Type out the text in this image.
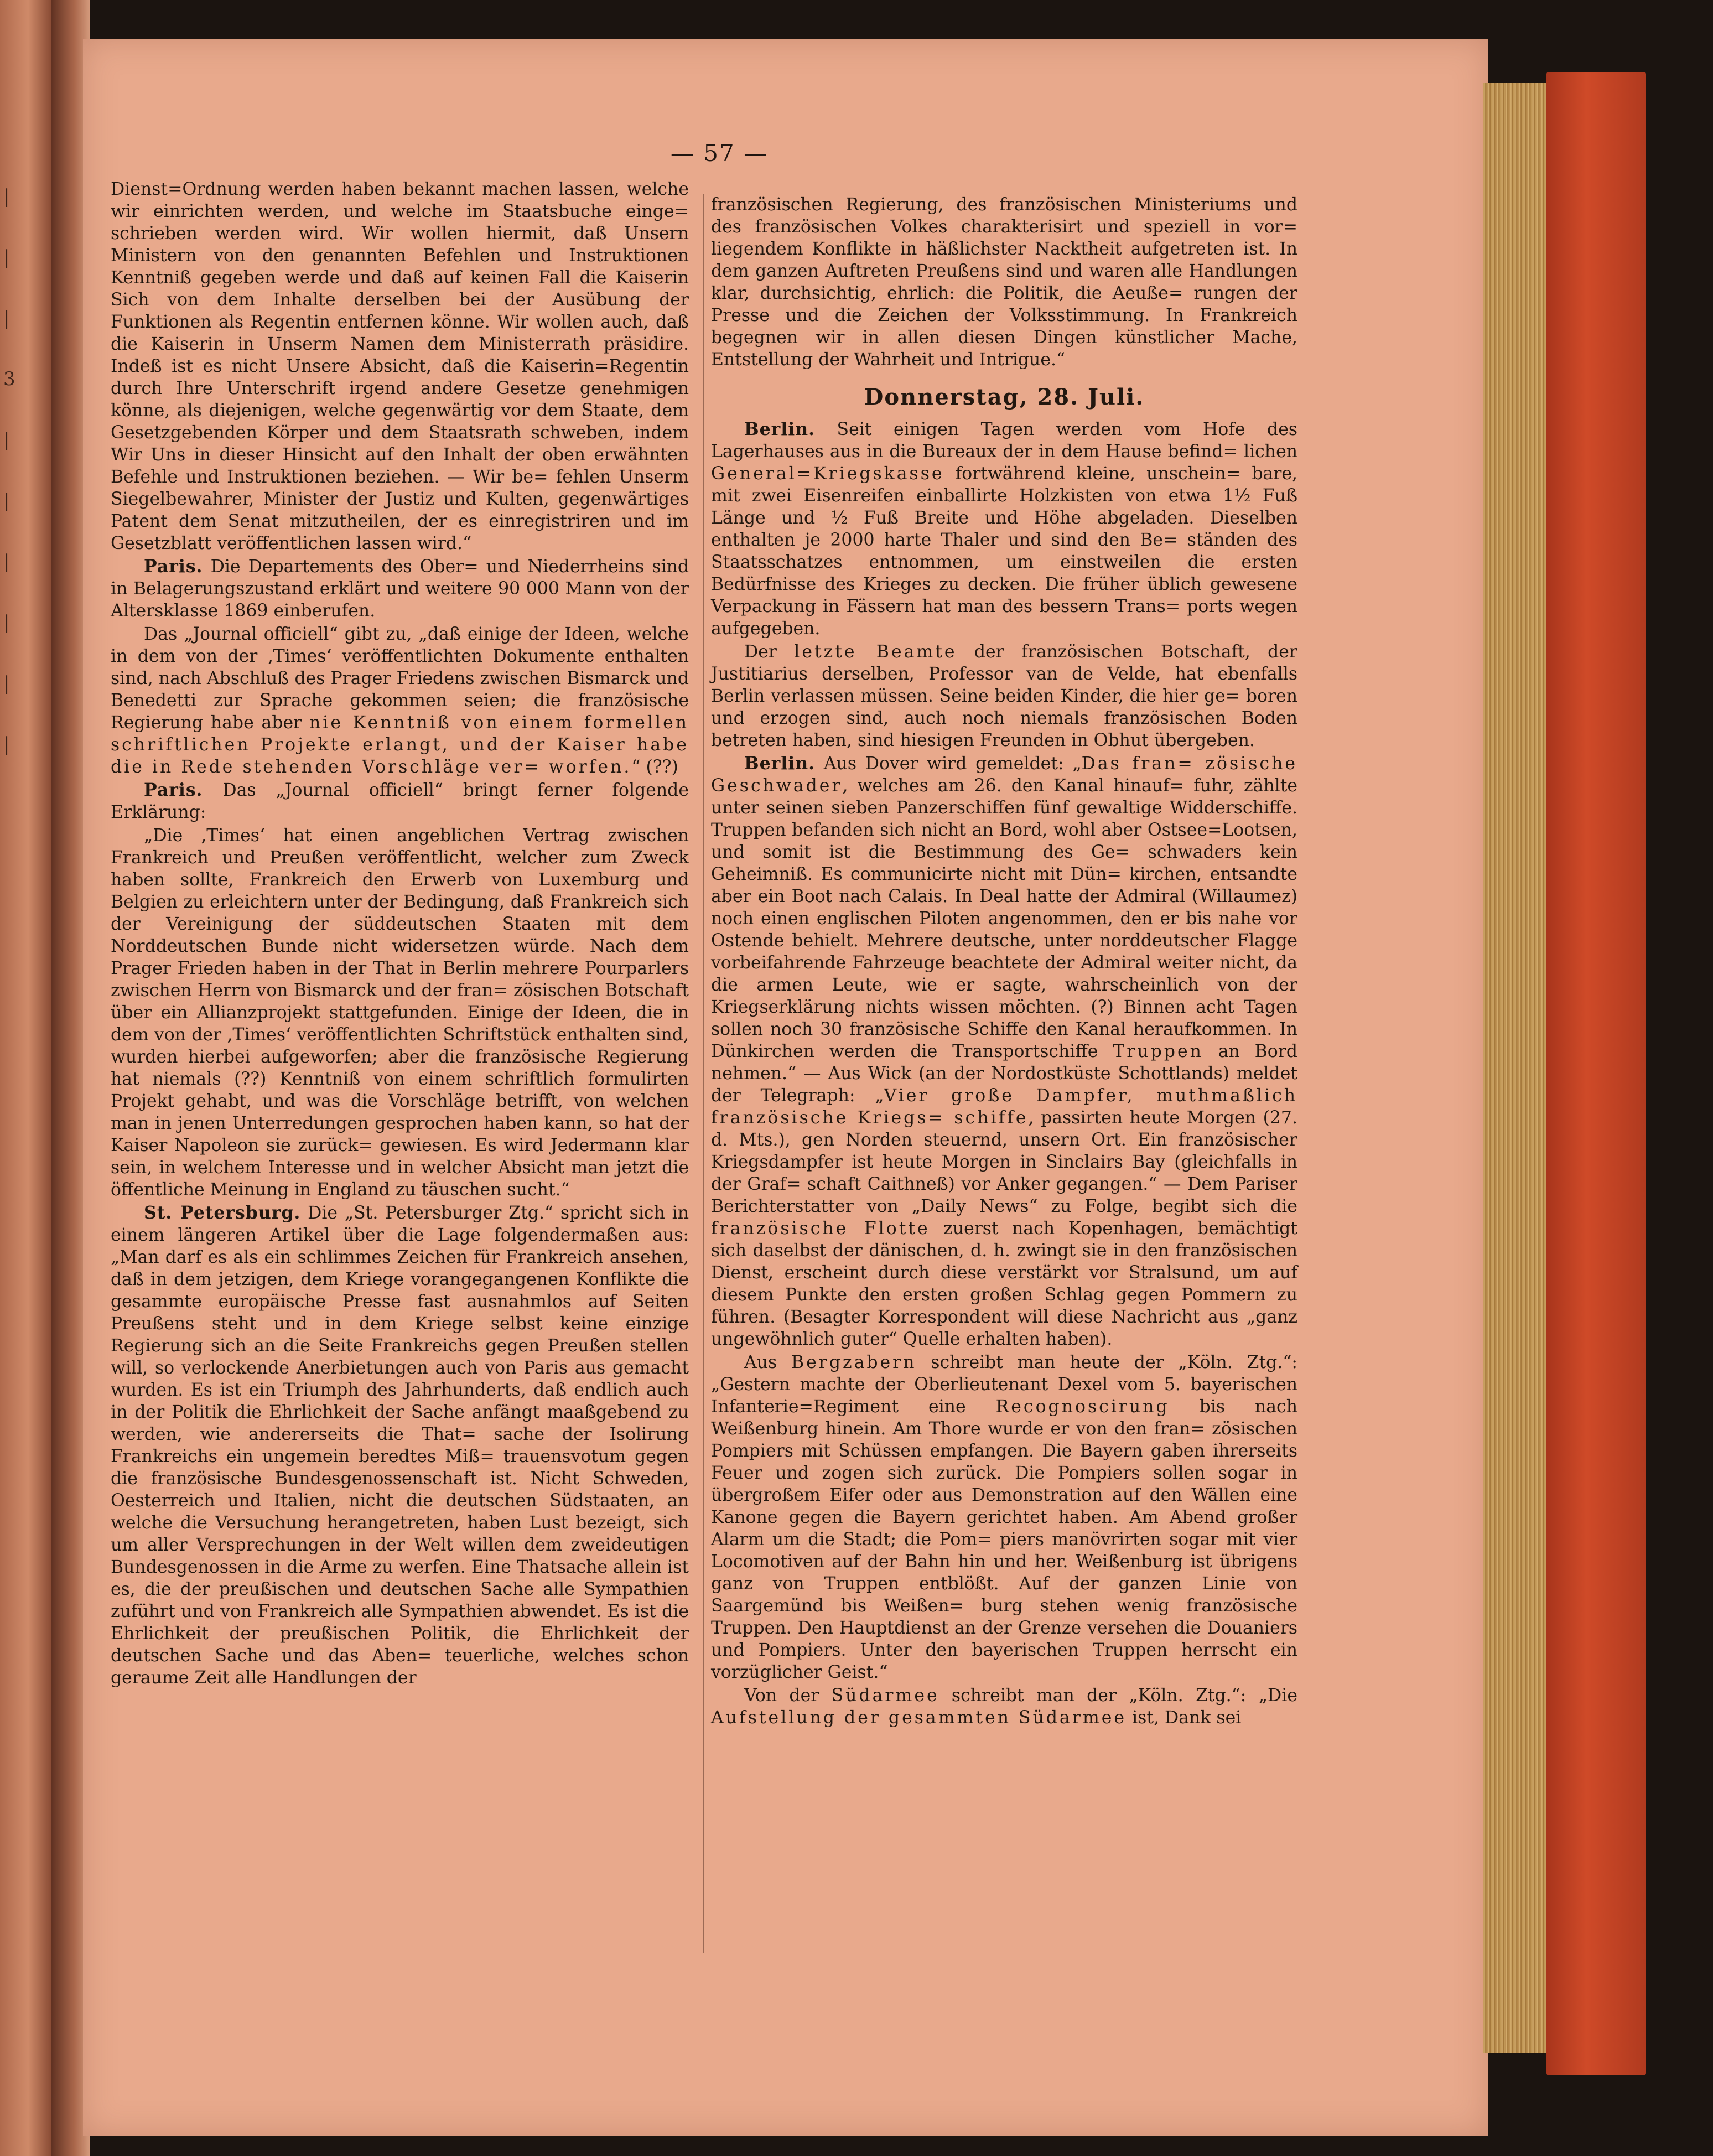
|
|
|
3
|
|
|
|
|
|
— 57 —

Dienst=Ordnung werden haben bekannt machen lassen, welche wir einrichten werden, und welche im Staatsbuche einge= schrieben werden wird. Wir wollen hiermit, daß Unsern Ministern von den genannten Befehlen und Instruktionen Kenntniß gegeben werde und daß auf keinen Fall die Kaiserin Sich von dem Inhalte derselben bei der Ausübung der Funktionen als Regentin entfernen könne. Wir wollen auch, daß die Kaiserin in Unserm Namen dem Ministerrath präsidire. Indeß ist es nicht Unsere Absicht, daß die Kaiserin=Regentin durch Ihre Unterschrift irgend andere Gesetze genehmigen könne, als diejenigen, welche gegenwärtig vor dem Staate, dem Gesetzgebenden Körper und dem Staatsrath schweben, indem Wir Uns in dieser Hinsicht auf den Inhalt der oben erwähnten Befehle und Instruktionen beziehen. — Wir be= fehlen Unserm Siegelbewahrer, Minister der Justiz und Kulten, gegenwärtiges Patent dem Senat mitzutheilen, der es einregistriren und im Gesetzblatt veröffentlichen lassen wird.“

Paris. Die Departements des Ober= und Niederrheins sind in Belagerungszustand erklärt und weitere 90 000 Mann von der Altersklasse 1869 einberufen.

Das „Journal officiell“ gibt zu, „daß einige der Ideen, welche in dem von der ‚Times‘ veröffentlichten Dokumente enthalten sind, nach Abschluß des Prager Friedens zwischen Bismarck und Benedetti zur Sprache gekommen seien; die französische Regierung habe aber nie Kenntniß von einem formellen schriftlichen Projekte erlangt, und der Kaiser habe die in Rede stehenden Vorschläge ver= worfen.“ (??)

Paris. Das „Journal officiell“ bringt ferner folgende Erklärung:

„Die ‚Times‘ hat einen angeblichen Vertrag zwischen Frankreich und Preußen veröffentlicht, welcher zum Zweck haben sollte, Frankreich den Erwerb von Luxemburg und Belgien zu erleichtern unter der Bedingung, daß Frankreich sich der Vereinigung der süddeutschen Staaten mit dem Norddeutschen Bunde nicht widersetzen würde. Nach dem Prager Frieden haben in der That in Berlin mehrere Pourparlers zwischen Herrn von Bismarck und der fran= zösischen Botschaft über ein Allianzprojekt stattgefunden. Einige der Ideen, die in dem von der ‚Times‘ veröffentlichten Schriftstück enthalten sind, wurden hierbei aufgeworfen; aber die französische Regierung hat niemals (??) Kenntniß von einem schriftlich formulirten Projekt gehabt, und was die Vorschläge betrifft, von welchen man in jenen Unterredungen gesprochen haben kann, so hat der Kaiser Napoleon sie zurück= gewiesen. Es wird Jedermann klar sein, in welchem Interesse und in welcher Absicht man jetzt die öffentliche Meinung in England zu täuschen sucht.“

St. Petersburg. Die „St. Petersburger Ztg.“ spricht sich in einem längeren Artikel über die Lage folgendermaßen aus: „Man darf es als ein schlimmes Zeichen für Frankreich ansehen, daß in dem jetzigen, dem Kriege vorangegangenen Konflikte die gesammte europäische Presse fast ausnahmlos auf Seiten Preußens steht und in dem Kriege selbst keine einzige Regierung sich an die Seite Frankreichs gegen Preußen stellen will, so verlockende Anerbietungen auch von Paris aus gemacht wurden. Es ist ein Triumph des Jahrhunderts, daß endlich auch in der Politik die Ehrlichkeit der Sache anfängt maaßgebend zu werden, wie andererseits die That= sache der Isolirung Frankreichs ein ungemein beredtes Miß= trauensvotum gegen die französische Bundesgenossenschaft ist. Nicht Schweden, Oesterreich und Italien, nicht die deutschen Südstaaten, an welche die Versuchung herangetreten, haben Lust bezeigt, sich um aller Versprechungen in der Welt willen dem zweideutigen Bundesgenossen in die Arme zu werfen. Eine Thatsache allein ist es, die der preußischen und deutschen Sache alle Sympathien zuführt und von Frankreich alle Sympathien abwendet. Es ist die Ehrlichkeit der preußischen Politik, die Ehrlichkeit der deutschen Sache und das Aben= teuerliche, welches schon geraume Zeit alle Handlungen der

französischen Regierung, des französischen Ministeriums und des französischen Volkes charakterisirt und speziell in vor= liegendem Konflikte in häßlichster Nacktheit aufgetreten ist. In dem ganzen Auftreten Preußens sind und waren alle Handlungen klar, durchsichtig, ehrlich: die Politik, die Aeuße= rungen der Presse und die Zeichen der Volksstimmung. In Frankreich begegnen wir in allen diesen Dingen künstlicher Mache, Entstellung der Wahrheit und Intrigue.“

Donnerstag, 28. Juli.

Berlin. Seit einigen Tagen werden vom Hofe des Lagerhauses aus in die Bureaux der in dem Hause befind= lichen General=Kriegskasse fortwährend kleine, unschein= bare, mit zwei Eisenreifen einballirte Holzkisten von etwa 1½ Fuß Länge und ½ Fuß Breite und Höhe abgeladen. Dieselben enthalten je 2000 harte Thaler und sind den Be= ständen des Staatsschatzes entnommen, um einstweilen die ersten Bedürfnisse des Krieges zu decken. Die früher üblich gewesene Verpackung in Fässern hat man des bessern Trans= ports wegen aufgegeben.

Der letzte Beamte der französischen Botschaft, der Justitiarius derselben, Professor van de Velde, hat ebenfalls Berlin verlassen müssen. Seine beiden Kinder, die hier ge= boren und erzogen sind, auch noch niemals französischen Boden betreten haben, sind hiesigen Freunden in Obhut übergeben.

Berlin. Aus Dover wird gemeldet: „Das fran= zösische Geschwader, welches am 26. den Kanal hinauf= fuhr, zählte unter seinen sieben Panzerschiffen fünf gewaltige Widderschiffe. Truppen befanden sich nicht an Bord, wohl aber Ostsee=Lootsen, und somit ist die Bestimmung des Ge= schwaders kein Geheimniß. Es communicirte nicht mit Dün= kirchen, entsandte aber ein Boot nach Calais. In Deal hatte der Admiral (Willaumez) noch einen englischen Piloten angenommen, den er bis nahe vor Ostende behielt. Mehrere deutsche, unter norddeutscher Flagge vorbeifahrende Fahrzeuge beachtete der Admiral weiter nicht, da die armen Leute, wie er sagte, wahrscheinlich von der Kriegserklärung nichts wissen möchten. (?) Binnen acht Tagen sollen noch 30 französische Schiffe den Kanal heraufkommen. In Dünkirchen werden die Transportschiffe Truppen an Bord nehmen.“ — Aus Wick (an der Nordostküste Schottlands) meldet der Telegraph: „Vier große Dampfer, muthmaßlich französische Kriegs= schiffe, passirten heute Morgen (27. d. Mts.), gen Norden steuernd, unsern Ort. Ein französischer Kriegsdampfer ist heute Morgen in Sinclairs Bay (gleichfalls in der Graf= schaft Caithneß) vor Anker gegangen.“ — Dem Pariser Berichterstatter von „Daily News“ zu Folge, begibt sich die französische Flotte zuerst nach Kopenhagen, bemächtigt sich daselbst der dänischen, d. h. zwingt sie in den französischen Dienst, erscheint durch diese verstärkt vor Stralsund, um auf diesem Punkte den ersten großen Schlag gegen Pommern zu führen. (Besagter Korrespondent will diese Nachricht aus „ganz ungewöhnlich guter“ Quelle erhalten haben).

Aus Bergzabern schreibt man heute der „Köln. Ztg.“: „Gestern machte der Oberlieutenant Dexel vom 5. bayerischen Infanterie=Regiment eine Recognoscirung bis nach Weißenburg hinein. Am Thore wurde er von den fran= zösischen Pompiers mit Schüssen empfangen. Die Bayern gaben ihrerseits Feuer und zogen sich zurück. Die Pompiers sollen sogar in übergroßem Eifer oder aus Demonstration auf den Wällen eine Kanone gegen die Bayern gerichtet haben. Am Abend großer Alarm um die Stadt; die Pom= piers manövrirten sogar mit vier Locomotiven auf der Bahn hin und her. Weißenburg ist übrigens ganz von Truppen entblößt. Auf der ganzen Linie von Saargemünd bis Weißen= burg stehen wenig französische Truppen. Den Hauptdienst an der Grenze versehen die Douaniers und Pompiers. Unter den bayerischen Truppen herrscht ein vorzüglicher Geist.“

Von der Südarmee schreibt man der „Köln. Ztg.“: „Die Aufstellung der gesammten Südarmee ist, Dank sei
